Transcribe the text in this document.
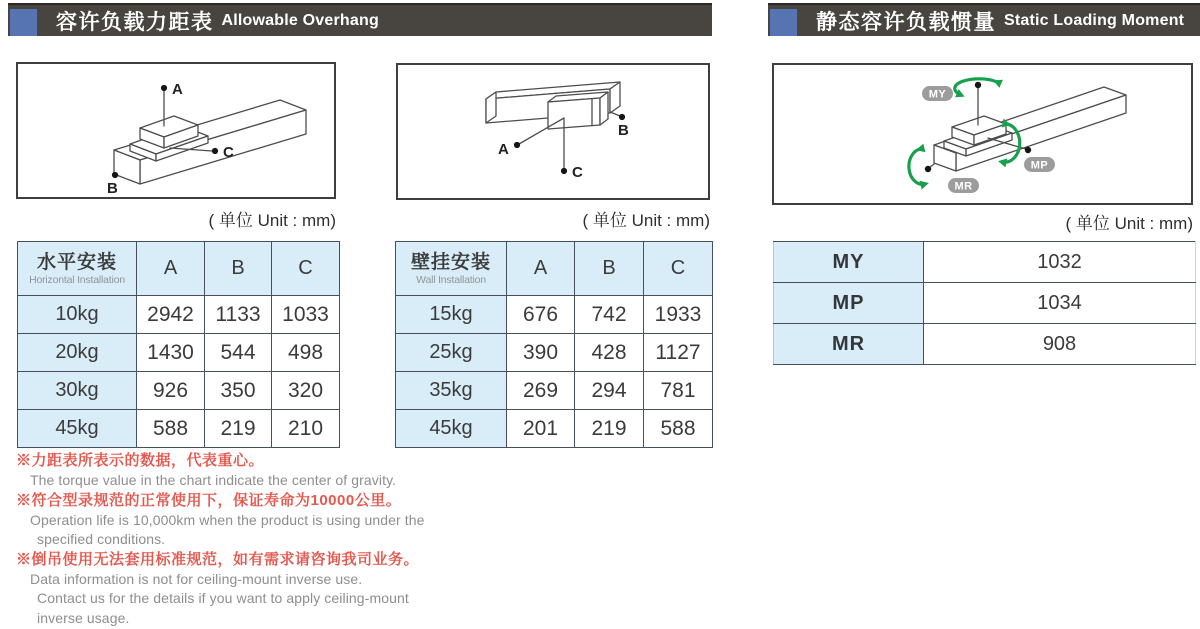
容许负载力距表 Allowable Overhang	静态容许负载惯量 Static Loading Moment
A
C
B
( 单位 Unit : mm)
A
C
B
( 单位 Unit : mm)
MY
MP
MR
( 单位 Unit : mm)
水平安装
Horizontal Installation	A	B	C
10kg	2942	1133	1033
20kg	1430	544	498
30kg	926	350	320
45kg	588	219	210
壁挂安装
Wall Installation	A	B	C
15kg	676	742	1933
25kg	390	428	1127
35kg	269	294	781
45kg	201	219	588
MY	1032
MP	1034
MR	908
※力距表所表示的数据，代表重心。
The torque value in the chart indicate the center of gravity.
※符合型录规范的正常使用下，保证寿命为10000公里。
Operation life is 10,000km when the product is using under the
specified conditions.
※倒吊使用无法套用标准规范，如有需求请咨询我司业务。
Data information is not for ceiling-mount inverse use.
Contact us for the details if you want to apply ceiling-mount
inverse usage.
